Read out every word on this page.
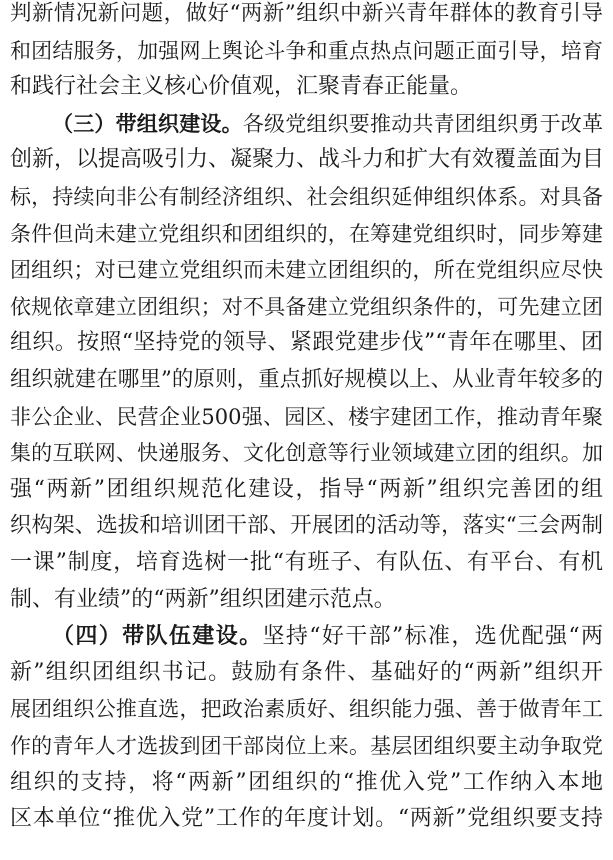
判新情况新问题，做好“两新”组织中新兴青年群体的教育引导
和团结服务，加强网上舆论斗争和重点热点问题正面引导，培育
和践行社会主义核心价值观，汇聚青春正能量。
（三）带组织建设。各级党组织要推动共青团组织勇于改革
创新，以提高吸引力、凝聚力、战斗力和扩大有效覆盖面为目
标，持续向非公有制经济组织、社会组织延伸组织体系。对具备
条件但尚未建立党组织和团组织的，在筹建党组织时，同步筹建
团组织；对已建立党组织而未建立团组织的，所在党组织应尽快
依规依章建立团组织；对不具备建立党组织条件的，可先建立团
组织。按照“坚持党的领导、紧跟党建步伐”“青年在哪里、团
组织就建在哪里”的原则，重点抓好规模以上、从业青年较多的
非公企业、民营企业500强、园区、楼宇建团工作，推动青年聚
集的互联网、快递服务、文化创意等行业领域建立团的组织。加
强“两新”团组织规范化建设，指导“两新”组织完善团的组
织构架、选拔和培训团干部、开展团的活动等，落实“三会两制
一课”制度，培育选树一批“有班子、有队伍、有平台、有机
制、有业绩”的“两新”组织团建示范点。
（四）带队伍建设。坚持“好干部”标准，选优配强“两
新”组织团组织书记。鼓励有条件、基础好的“两新”组织开
展团组织公推直选，把政治素质好、组织能力强、善于做青年工
作的青年人才选拔到团干部岗位上来。基层团组织要主动争取党
组织的支持，将“两新”团组织的“推优入党”工作纳入本地
区本单位“推优入党”工作的年度计划。“两新”党组织要支持
